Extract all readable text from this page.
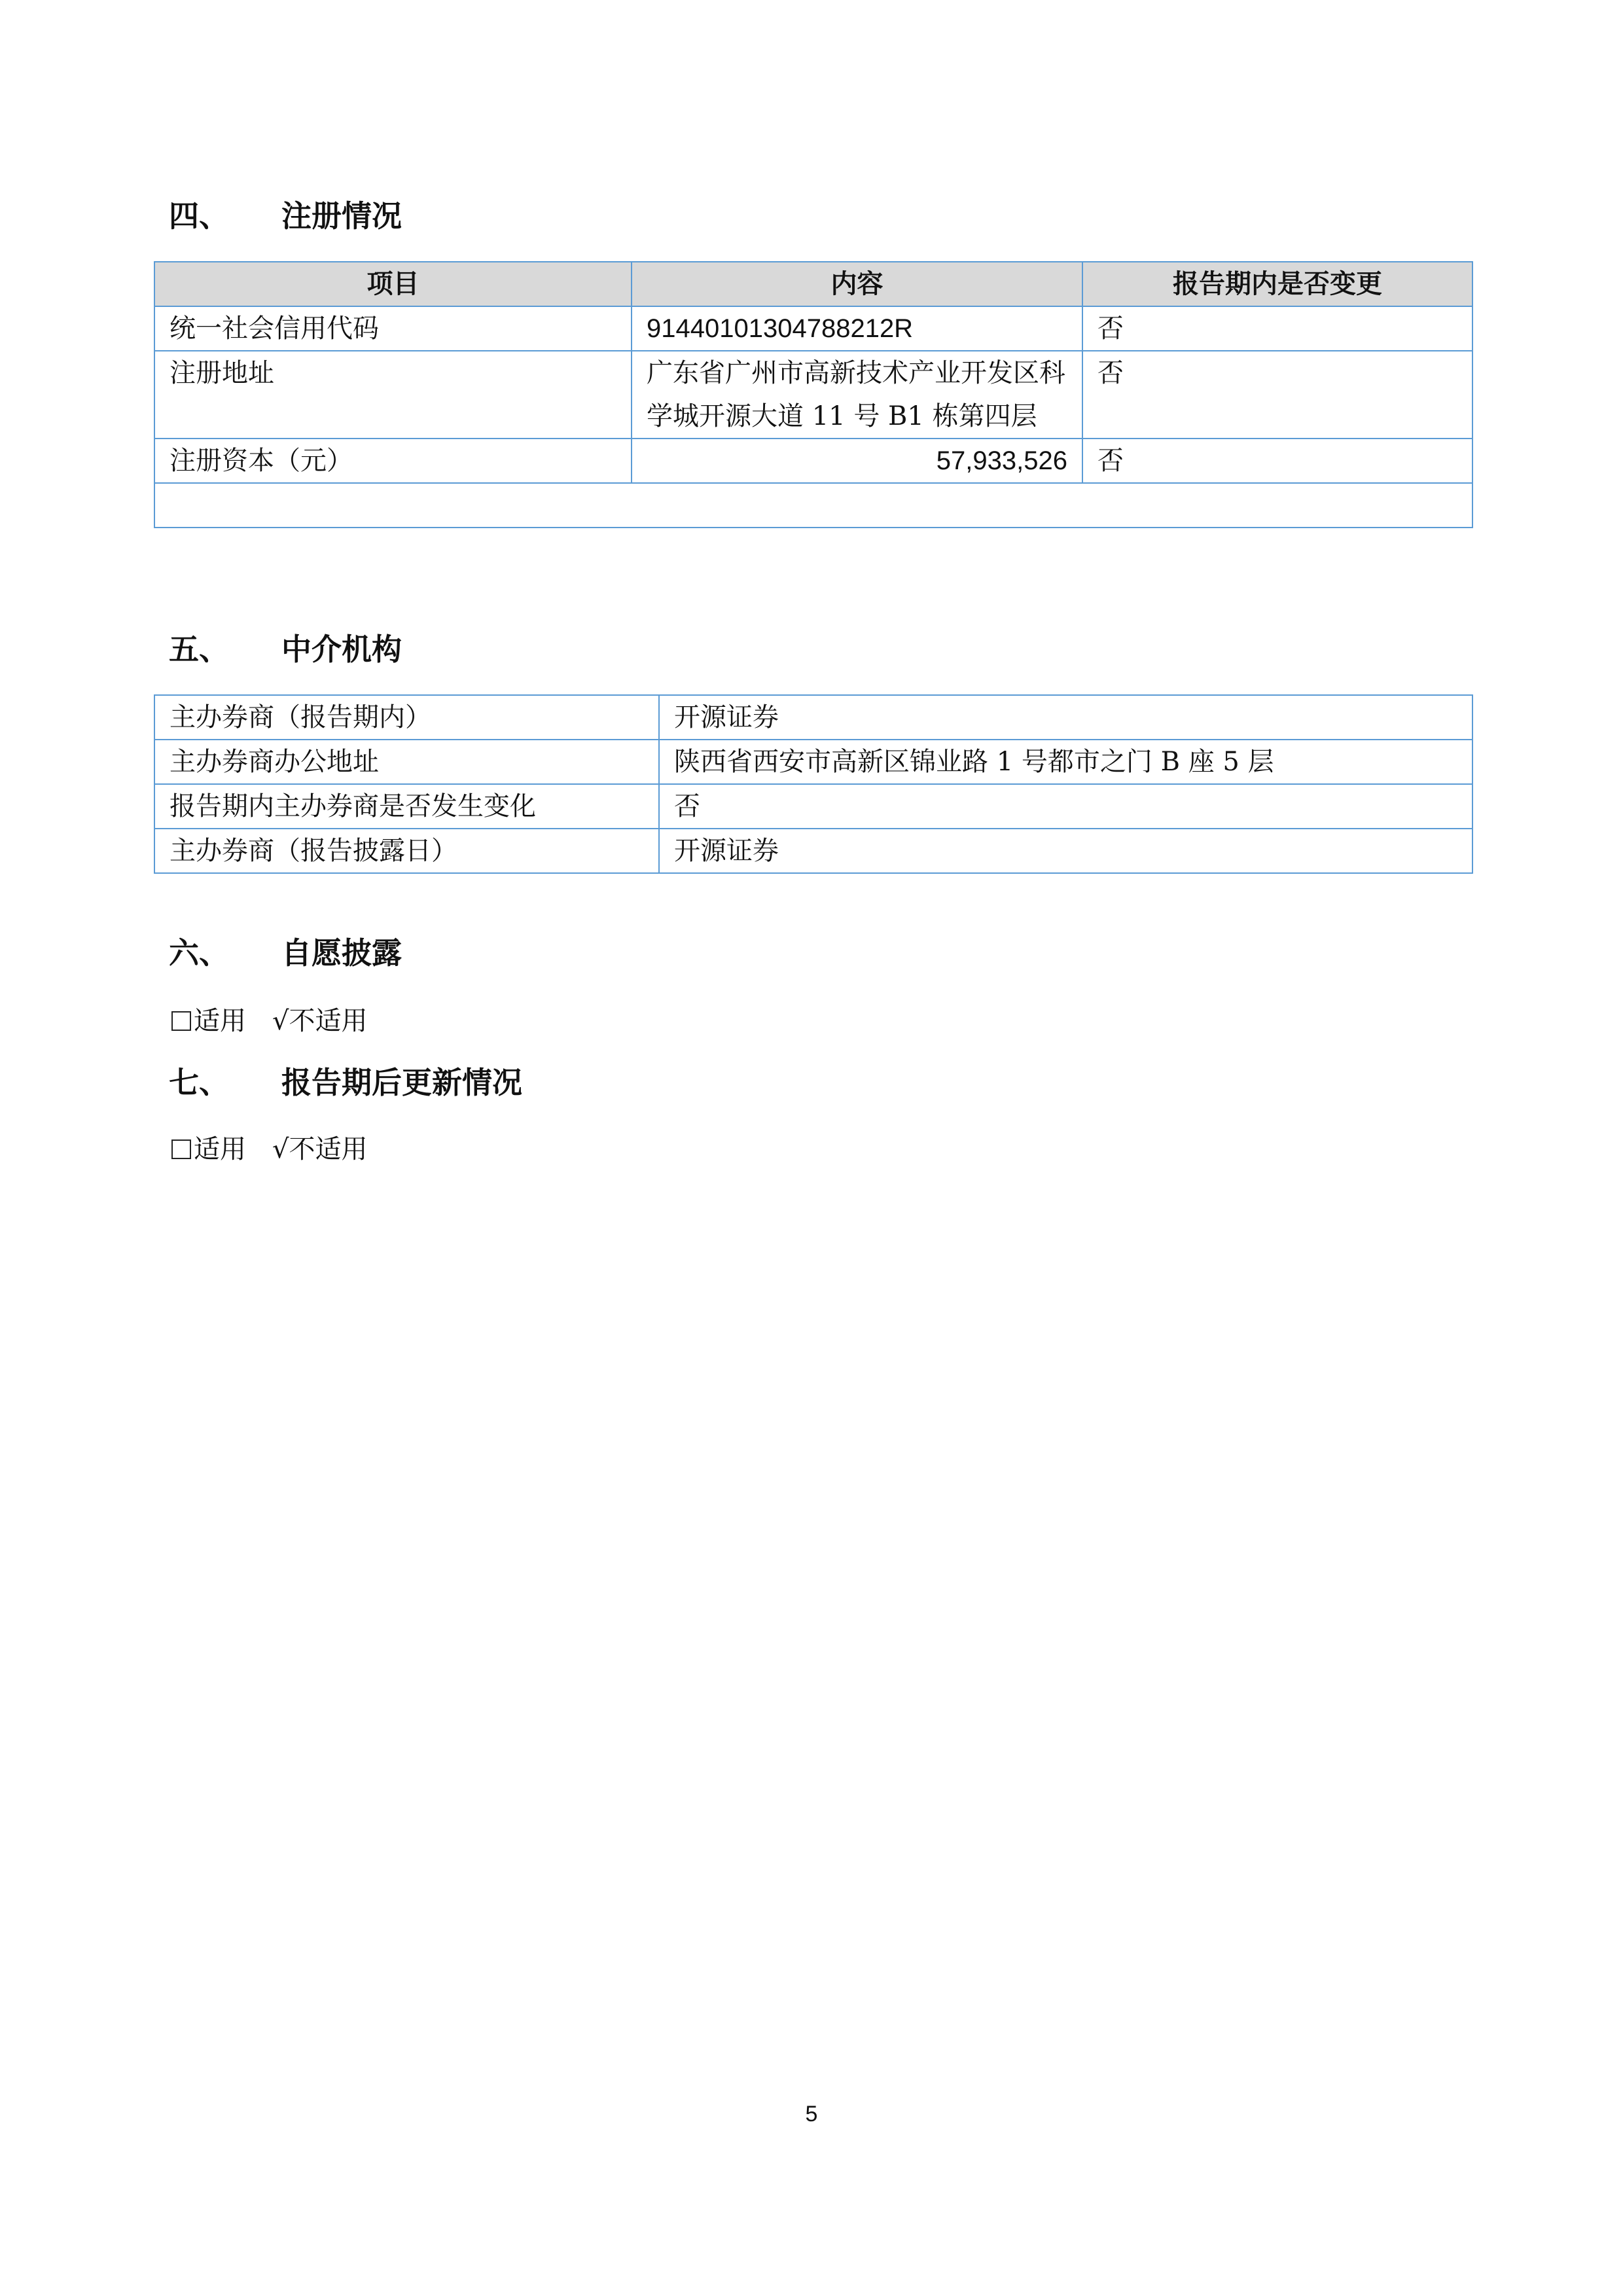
四、 注册情况
项目	内容	报告期内是否变更
统一社会信用代码	91440101304788212R	否
注册地址	广东省广州市高新技术产业开发区科学城开源大道 11 号 B1 栋第四层	否
注册资本（元）	57,933,526	否

五、 中介机构
主办券商（报告期内）	开源证券
主办券商办公地址	陕西省西安市高新区锦业路 1 号都市之门 B 座 5 层
报告期内主办券商是否发生变化	否
主办券商（报告披露日）	开源证券
六、 自愿披露
适用 √不适用
七、 报告期后更新情况
适用 √不适用
5
